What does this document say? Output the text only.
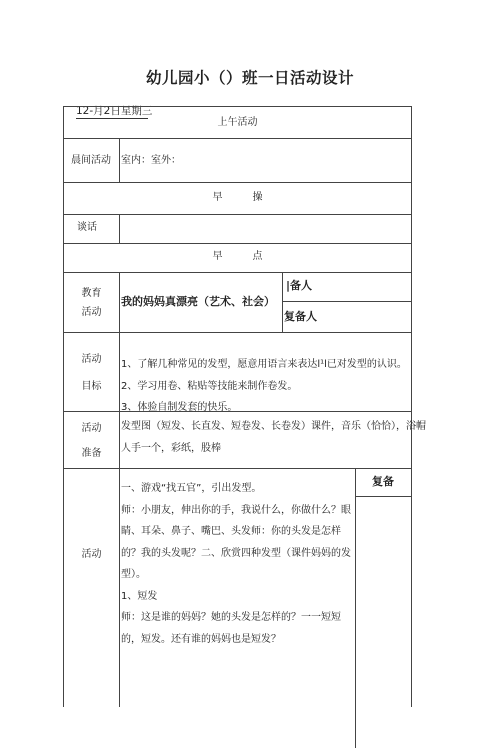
幼儿园小（）班一日活动设计
12-月2日星期三
上午活动
晨间活动 室内：室外：
早　　　操
谈话
早　　　点
教育
活动
我的妈妈真漂亮（艺术、社会）
|备人
复备人
活动
目标
1、了解几种常见的发型，愿意用语言来表达l¹l已对发型的认识。
2、学习用卷、粘贴等技能来制作卷发。
3、体验自制发套的快乐。
活动
准备
发型图（短发、长直发、短卷发、长卷发）课件，音乐（恰恰），浴帽
人手一个，彩纸，股棒
活动
复备
一、游戏“找五官”，引出发型。
师：小朋友，伸出你的手，我说什么，你做什么？眼
睛、耳朵、鼻子、嘴巴、头发师：你的头发是怎样
的？我的头发呢？二、欣赏四种发型（课件妈妈的发
型）。
1、短发
师：这是谁的妈妈？她的头发是怎样的？一一短短
的，短发。还有谁的妈妈也是短发？
